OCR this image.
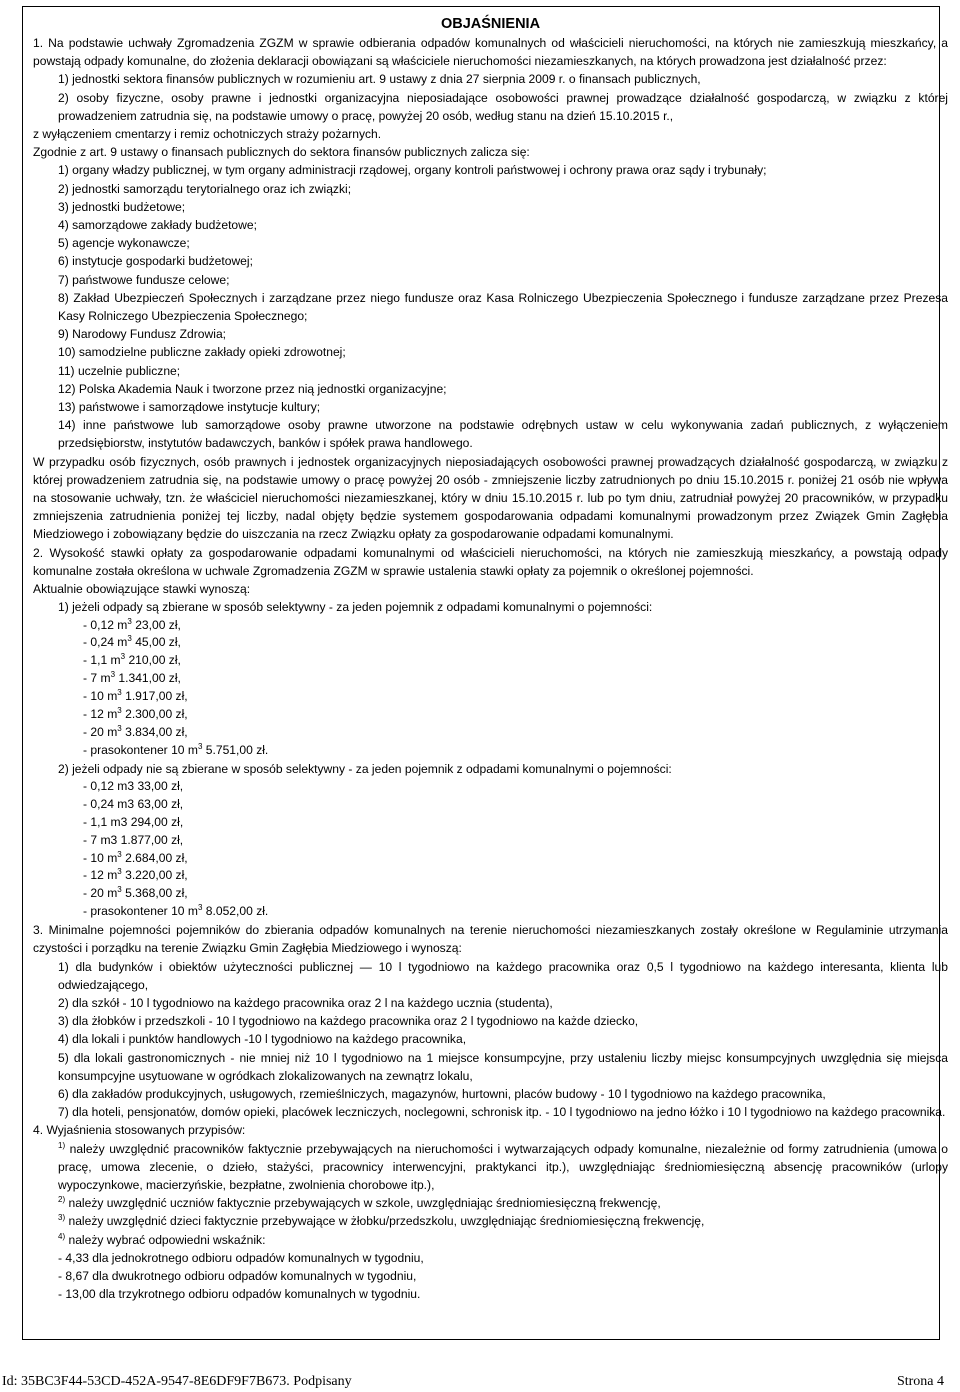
OBJAŚNIENIA

1. Na podstawie uchwały Zgromadzenia ZGZM w sprawie odbierania odpadów komunalnych od właścicieli nieruchomości, na których nie zamieszkują mieszkańcy, a powstają odpady komunalne, do złożenia deklaracji obowiązani są właściciele nieruchomości niezamieszkanych, na których prowadzona jest działalność przez:

1) jednostki sektora finansów publicznych w rozumieniu art. 9 ustawy z dnia 27 sierpnia 2009 r. o finansach publicznych,

2) osoby fizyczne, osoby prawne i jednostki organizacyjna nieposiadające osobowości prawnej prowadzące działalność gospodarczą, w związku z której prowadzeniem zatrudnia się, na podstawie umowy o pracę, powyżej 20 osób, według stanu na dzień 15.10.2015 r.,

z wyłączeniem cmentarzy i remiz ochotniczych straży pożarnych.

Zgodnie z art. 9 ustawy o finansach publicznych do sektora finansów publicznych zalicza się:

1) organy władzy publicznej, w tym organy administracji rządowej, organy kontroli państwowej i ochrony prawa oraz sądy i trybunały;

2) jednostki samorządu terytorialnego oraz ich związki;

3) jednostki budżetowe;

4) samorządowe zakłady budżetowe;

5) agencje wykonawcze;

6) instytucje gospodarki budżetowej;

7) państwowe fundusze celowe;

8) Zakład Ubezpieczeń Społecznych i zarządzane przez niego fundusze oraz Kasa Rolniczego Ubezpieczenia Społecznego i fundusze zarządzane przez Prezesa Kasy Rolniczego Ubezpieczenia Społecznego;

9) Narodowy Fundusz Zdrowia;

10) samodzielne publiczne zakłady opieki zdrowotnej;

11) uczelnie publiczne;

12) Polska Akademia Nauk i tworzone przez nią jednostki organizacyjne;

13) państwowe i samorządowe instytucje kultury;

14) inne państwowe lub samorządowe osoby prawne utworzone na podstawie odrębnych ustaw w celu wykonywania zadań publicznych, z wyłączeniem przedsiębiorstw, instytutów badawczych, banków i spółek prawa handlowego.

W przypadku osób fizycznych, osób prawnych i jednostek organizacyjnych nieposiadających osobowości prawnej prowadzących działalność gospodarczą, w związku z której prowadzeniem zatrudnia się, na podstawie umowy o pracę powyżej 20 osób - zmniejszenie liczby zatrudnionych po dniu 15.10.2015 r. poniżej 21 osób nie wpływa na stosowanie uchwały, tzn. że właściciel nieruchomości niezamieszkanej, który w dniu 15.10.2015 r. lub po tym dniu, zatrudniał powyżej 20 pracowników, w przypadku zmniejszenia zatrudnienia poniżej tej liczby, nadal objęty będzie systemem gospodarowania odpadami komunalnymi prowadzonym przez Związek Gmin Zagłębia Miedziowego i zobowiązany będzie do uiszczania na rzecz Związku opłaty za gospodarowanie odpadami komunalnymi.

2. Wysokość stawki opłaty za gospodarowanie odpadami komunalnymi od właścicieli nieruchomości, na których nie zamieszkują mieszkańcy, a powstają odpady komunalne została określona w uchwale Zgromadzenia ZGZM w sprawie ustalenia stawki opłaty za pojemnik o określonej pojemności.

Aktualnie obowiązujące stawki wynoszą:

1) jeżeli odpady są zbierane w sposób selektywny - za jeden pojemnik z odpadami komunalnymi o pojemności:

- 0,12 $m^3$ 23,00 zł,
- 0,24 $m^3$ 45,00 zł,
- 1,1 $m^3$ 210,00 zł,
- 7 $m^3$ 1.341,00 zł,
- 10 $m^3$ 1.917,00 zł,
- 12 $m^3$ 2.300,00 zł,
- 20 $m^3$ 3.834,00 zł,
- prasokontener 10 $m^3$ 5.751,00 zł.

2) jeżeli odpady nie są zbierane w sposób selektywny - za jeden pojemnik z odpadami komunalnymi o pojemności:

- 0,12 m3 33,00 zł,
- 0,24 m3 63,00 zł,
- 1,1 m3 294,00 zł,
- 7 m3 1.877,00 zł,
- 10 $m^3$ 2.684,00 zł,
- 12 $m^3$ 3.220,00 zł,
- 20 $m^3$ 5.368,00 zł,
- prasokontener 10 $m^3$ 8.052,00 zł.

3. Minimalne pojemności pojemników do zbierania odpadów komunalnych na terenie nieruchomości niezamieszkanych zostały określone w Regulaminie utrzymania czystości i porządku na terenie Związku Gmin Zagłębia Miedziowego i wynoszą:

1) dla budynków i obiektów użyteczności publicznej — 10 l tygodniowo na każdego pracownika oraz 0,5 l tygodniowo na każdego interesanta, klienta lub odwiedzającego,

2) dla szkół - 10 l tygodniowo na każdego pracownika oraz 2 l na każdego ucznia (studenta),

3) dla żłobków i przedszkoli - 10 l tygodniowo na każdego pracownika oraz 2 l tygodniowo na każde dziecko,

4) dla lokali i punktów handlowych -10 l tygodniowo na każdego pracownika,

5) dla lokali gastronomicznych - nie mniej niż 10 l tygodniowo na 1 miejsce konsumpcyjne, przy ustaleniu liczby miejsc konsumpcyjnych uwzględnia się miejsca konsumpcyjne usytuowane w ogródkach zlokalizowanych na zewnątrz lokalu,

6) dla zakładów produkcyjnych, usługowych, rzemieślniczych, magazynów, hurtowni, placów budowy - 10 l tygodniowo na każdego pracownika,

7) dla hoteli, pensjonatów, domów opieki, placówek leczniczych, noclegowni, schronisk itp. - 10 l tygodniowo na jedno łóżko i 10 l tygodniowo na każdego pracownika.

4. Wyjaśnienia stosowanych przypisów:

$^{1)}$ należy uwzględnić pracowników faktycznie przebywających na nieruchomości i wytwarzających odpady komunalne, niezależnie od formy zatrudnienia (umowa o pracę, umowa zlecenie, o dzieło, stażyści, pracownicy interwencyjni, praktykanci itp.), uwzględniając średniomiesięczną absencję pracowników (urlopy wypoczynkowe, macierzyńskie, bezpłatne, zwolnienia chorobowe itp.),

$^{2)}$ należy uwzględnić uczniów faktycznie przebywających w szkole, uwzględniając średniomiesięczną frekwencję,

$^{3)}$ należy uwzględnić dzieci faktycznie przebywające w żłobku/przedszkolu, uwzględniając średniomiesięczną frekwencję,

$^{4)}$ należy wybrać odpowiedni wskaźnik:

- 4,33 dla jednokrotnego odbioru odpadów komunalnych w tygodniu,

- 8,67 dla dwukrotnego odbioru odpadów komunalnych w tygodniu,

- 13,00 dla trzykrotnego odbioru odpadów komunalnych w tygodniu.

Id: 35BC3F44-53CD-452A-9547-8E6DF9F7B673. Podpisany	Strona 4
